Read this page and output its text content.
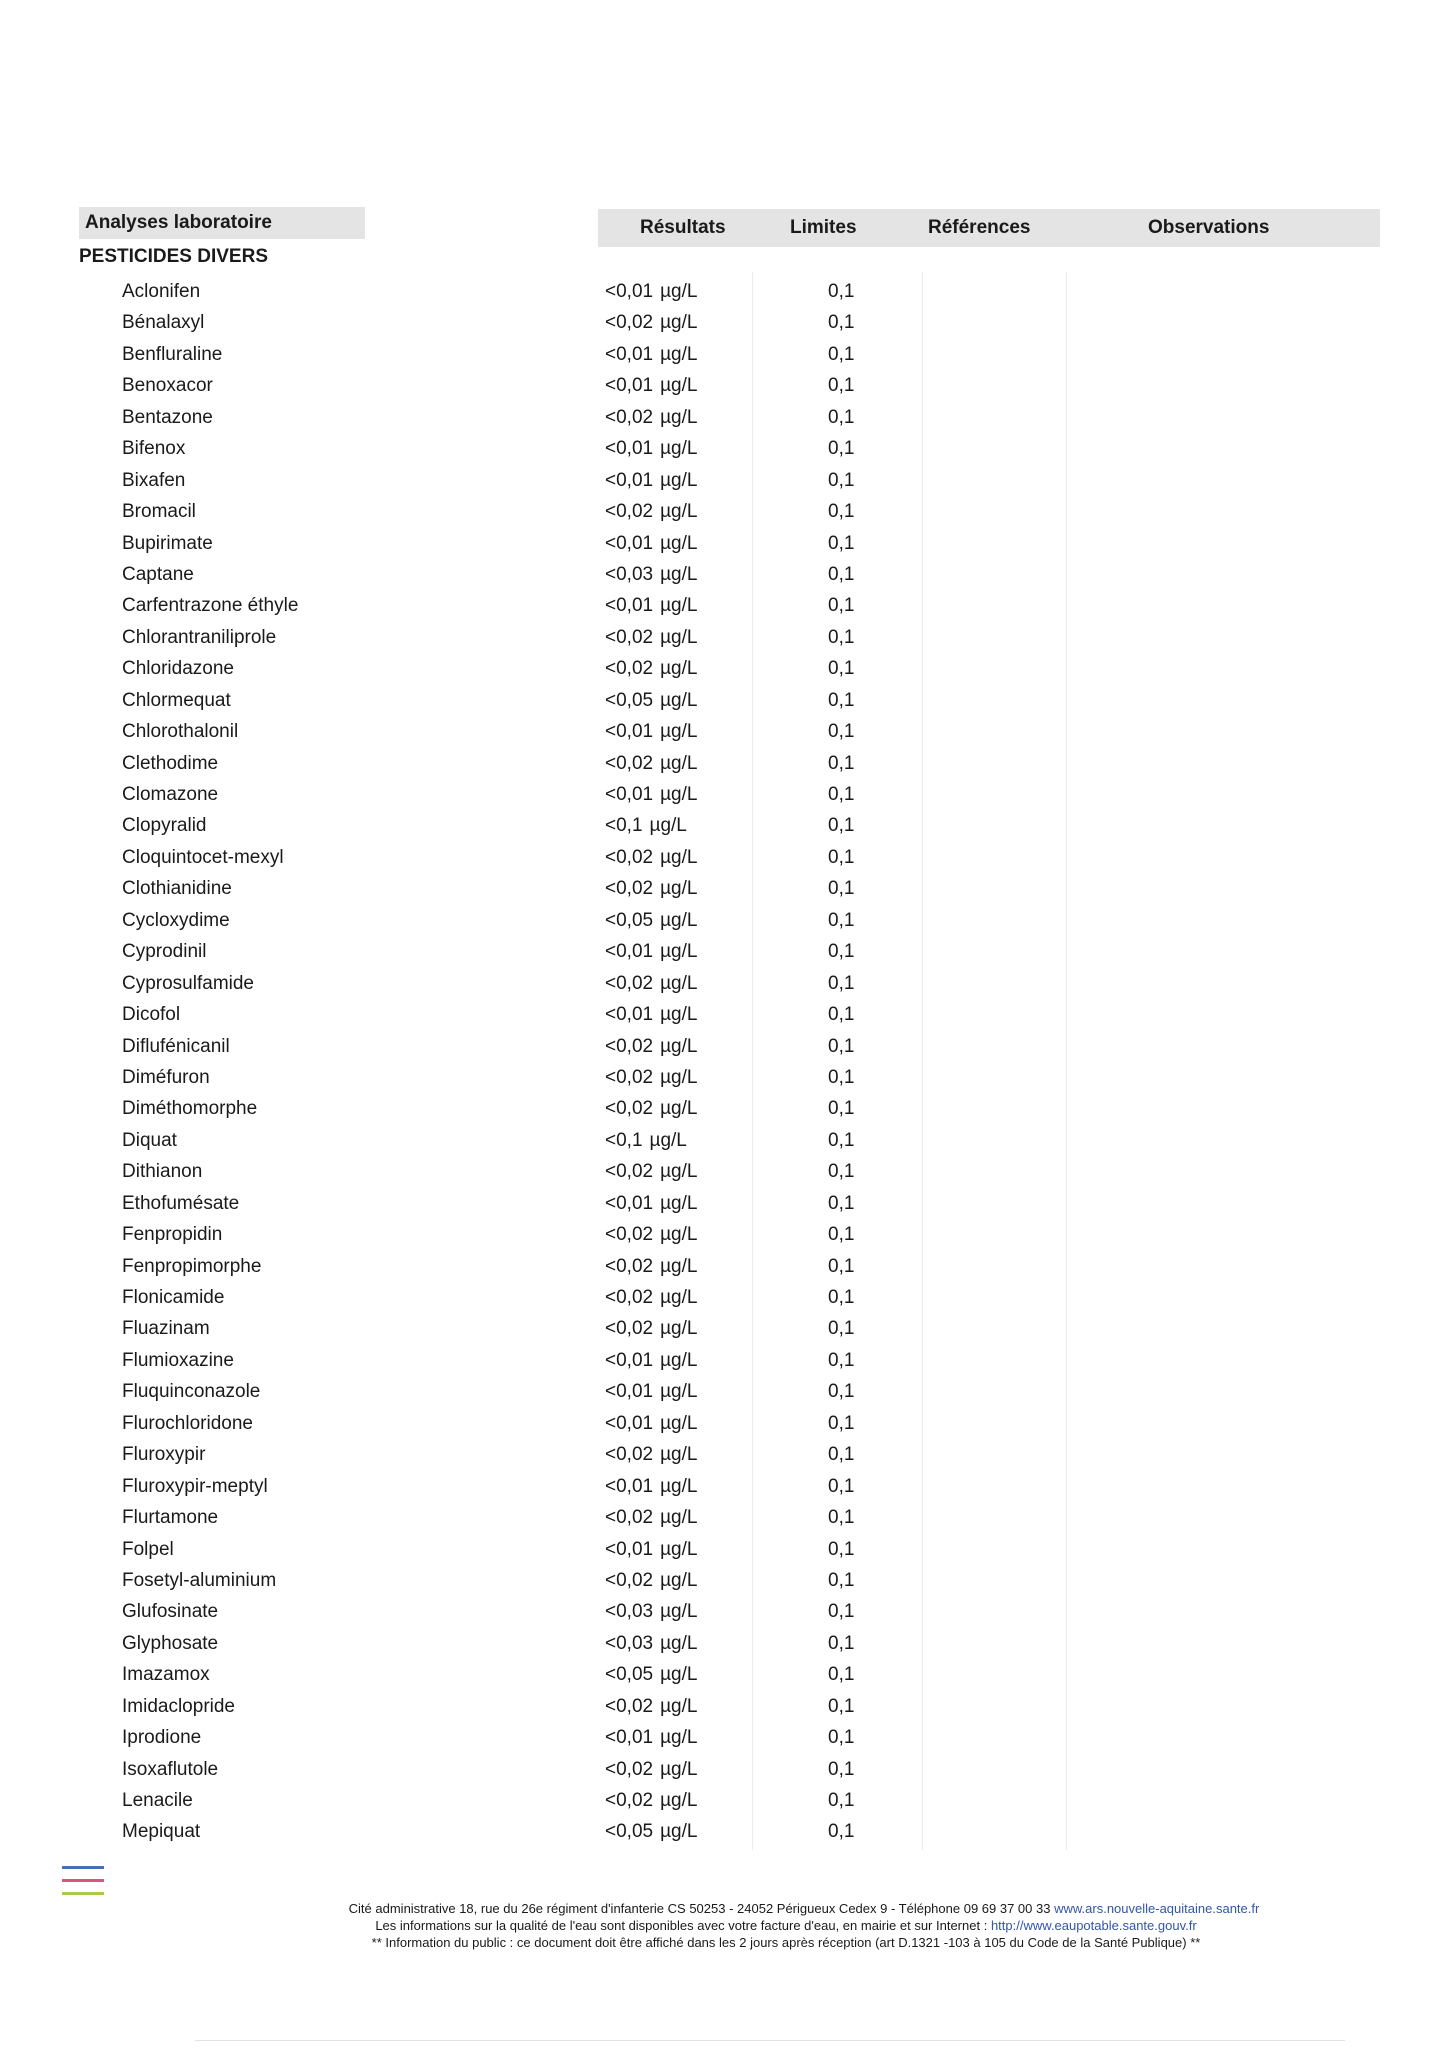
Analyses laboratoire	Résultats	Limites	Références	Observations
PESTICIDES DIVERS
Aclonifen	<0,01 µg/L	0,1
Bénalaxyl	<0,02 µg/L	0,1
Benfluraline	<0,01 µg/L	0,1
Benoxacor	<0,01 µg/L	0,1
Bentazone	<0,02 µg/L	0,1
Bifenox	<0,01 µg/L	0,1
Bixafen	<0,01 µg/L	0,1
Bromacil	<0,02 µg/L	0,1
Bupirimate	<0,01 µg/L	0,1
Captane	<0,03 µg/L	0,1
Carfentrazone éthyle	<0,01 µg/L	0,1
Chlorantraniliprole	<0,02 µg/L	0,1
Chloridazone	<0,02 µg/L	0,1
Chlormequat	<0,05 µg/L	0,1
Chlorothalonil	<0,01 µg/L	0,1
Clethodime	<0,02 µg/L	0,1
Clomazone	<0,01 µg/L	0,1
Clopyralid	<0,1 µg/L	0,1
Cloquintocet-mexyl	<0,02 µg/L	0,1
Clothianidine	<0,02 µg/L	0,1
Cycloxydime	<0,05 µg/L	0,1
Cyprodinil	<0,01 µg/L	0,1
Cyprosulfamide	<0,02 µg/L	0,1
Dicofol	<0,01 µg/L	0,1
Diflufénicanil	<0,02 µg/L	0,1
Diméfuron	<0,02 µg/L	0,1
Diméthomorphe	<0,02 µg/L	0,1
Diquat	<0,1 µg/L	0,1
Dithianon	<0,02 µg/L	0,1
Ethofumésate	<0,01 µg/L	0,1
Fenpropidin	<0,02 µg/L	0,1
Fenpropimorphe	<0,02 µg/L	0,1
Flonicamide	<0,02 µg/L	0,1
Fluazinam	<0,02 µg/L	0,1
Flumioxazine	<0,01 µg/L	0,1
Fluquinconazole	<0,01 µg/L	0,1
Flurochloridone	<0,01 µg/L	0,1
Fluroxypir	<0,02 µg/L	0,1
Fluroxypir-meptyl	<0,01 µg/L	0,1
Flurtamone	<0,02 µg/L	0,1
Folpel	<0,01 µg/L	0,1
Fosetyl-aluminium	<0,02 µg/L	0,1
Glufosinate	<0,03 µg/L	0,1
Glyphosate	<0,03 µg/L	0,1
Imazamox	<0,05 µg/L	0,1
Imidaclopride	<0,02 µg/L	0,1
Iprodione	<0,01 µg/L	0,1
Isoxaflutole	<0,02 µg/L	0,1
Lenacile	<0,02 µg/L	0,1
Mepiquat	<0,05 µg/L	0,1
Cité administrative 18, rue du 26e régiment d'infanterie CS 50253 - 24052 Périgueux Cedex 9 - Téléphone 09 69 37 00 33 www.ars.nouvelle-aquitaine.sante.fr
Les informations sur la qualité de l'eau sont disponibles avec votre facture d'eau, en mairie et sur Internet : http://www.eaupotable.sante.gouv.fr
** Information du public : ce document doit être affiché dans les 2 jours après réception (art D.1321 -103 à 105 du Code de la Santé Publique) **
